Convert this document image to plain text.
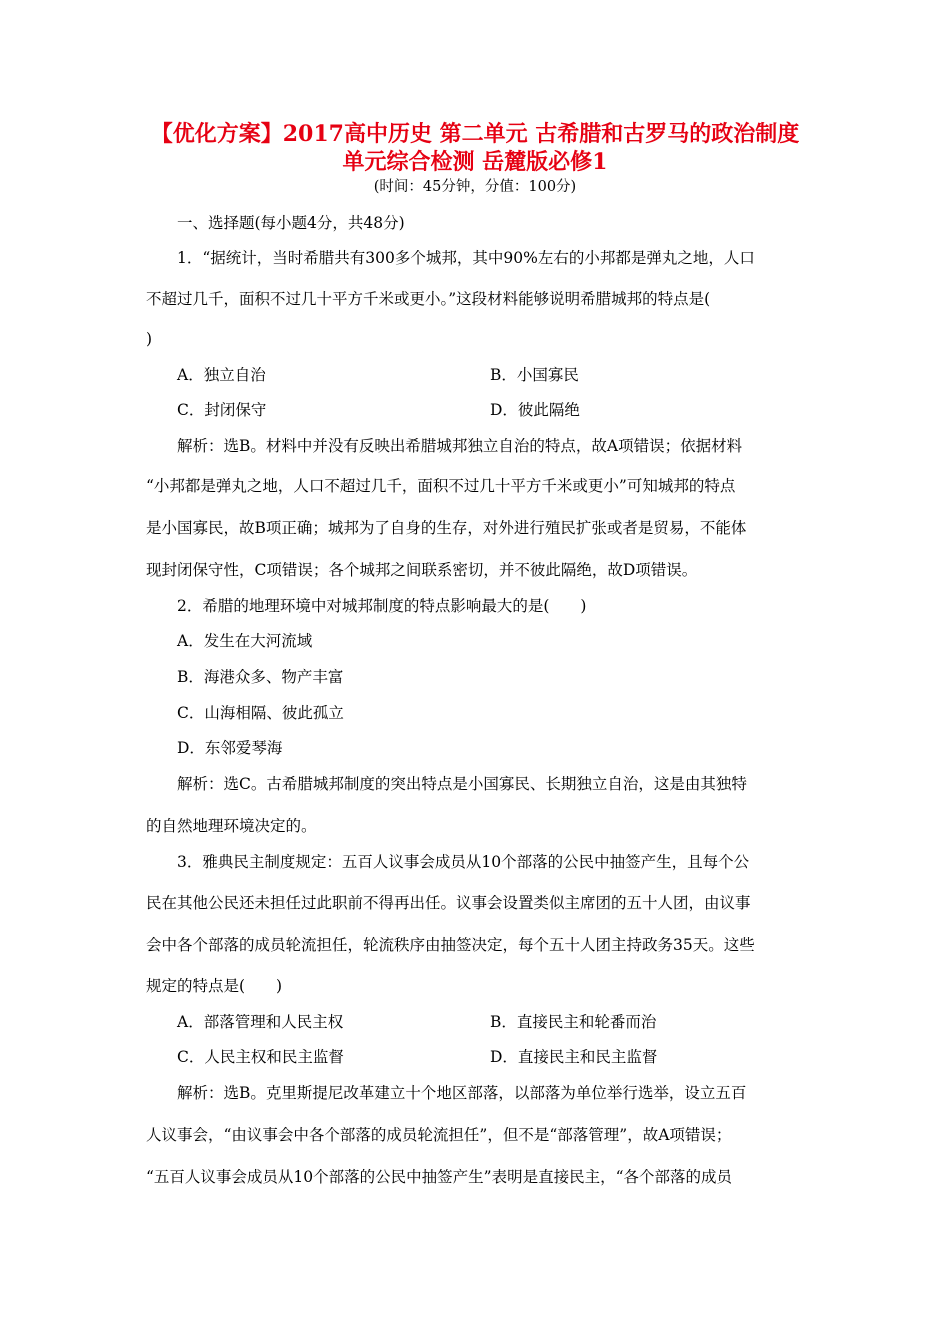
【优化方案】2017高中历史 第二单元 古希腊和古罗马的政治制度
单元综合检测 岳麓版必修1
(时间：45分钟，分值：100分)
一、选择题(每小题4分，共48分)
1．“据统计，当时希腊共有300多个城邦，其中90%左右的小邦都是弹丸之地，人口
不超过几千，面积不过几十平方千米或更小。”这段材料能够说明希腊城邦的特点是(
)
A．独立自治	B．小国寡民
C．封闭保守	D．彼此隔绝
解析：选B。材料中并没有反映出希腊城邦独立自治的特点，故A项错误；依据材料
“小邦都是弹丸之地，人口不超过几千，面积不过几十平方千米或更小”可知城邦的特点
是小国寡民，故B项正确；城邦为了自身的生存，对外进行殖民扩张或者是贸易，不能体
现封闭保守性，C项错误；各个城邦之间联系密切，并不彼此隔绝，故D项错误。
2．希腊的地理环境中对城邦制度的特点影响最大的是(　　)
A．发生在大河流域
B．海港众多、物产丰富
C．山海相隔、彼此孤立
D．东邻爱琴海
解析：选C。古希腊城邦制度的突出特点是小国寡民、长期独立自治，这是由其独特
的自然地理环境决定的。
3．雅典民主制度规定：五百人议事会成员从10个部落的公民中抽签产生，且每个公
民在其他公民还未担任过此职前不得再出任。议事会设置类似主席团的五十人团，由议事
会中各个部落的成员轮流担任，轮流秩序由抽签决定，每个五十人团主持政务35天。这些
规定的特点是(　　)
A．部落管理和人民主权	B．直接民主和轮番而治
C．人民主权和民主监督	D．直接民主和民主监督
解析：选B。克里斯提尼改革建立十个地区部落，以部落为单位举行选举，设立五百
人议事会，“由议事会中各个部落的成员轮流担任”，但不是“部落管理”，故A项错误；
“五百人议事会成员从10个部落的公民中抽签产生”表明是直接民主，“各个部落的成员
